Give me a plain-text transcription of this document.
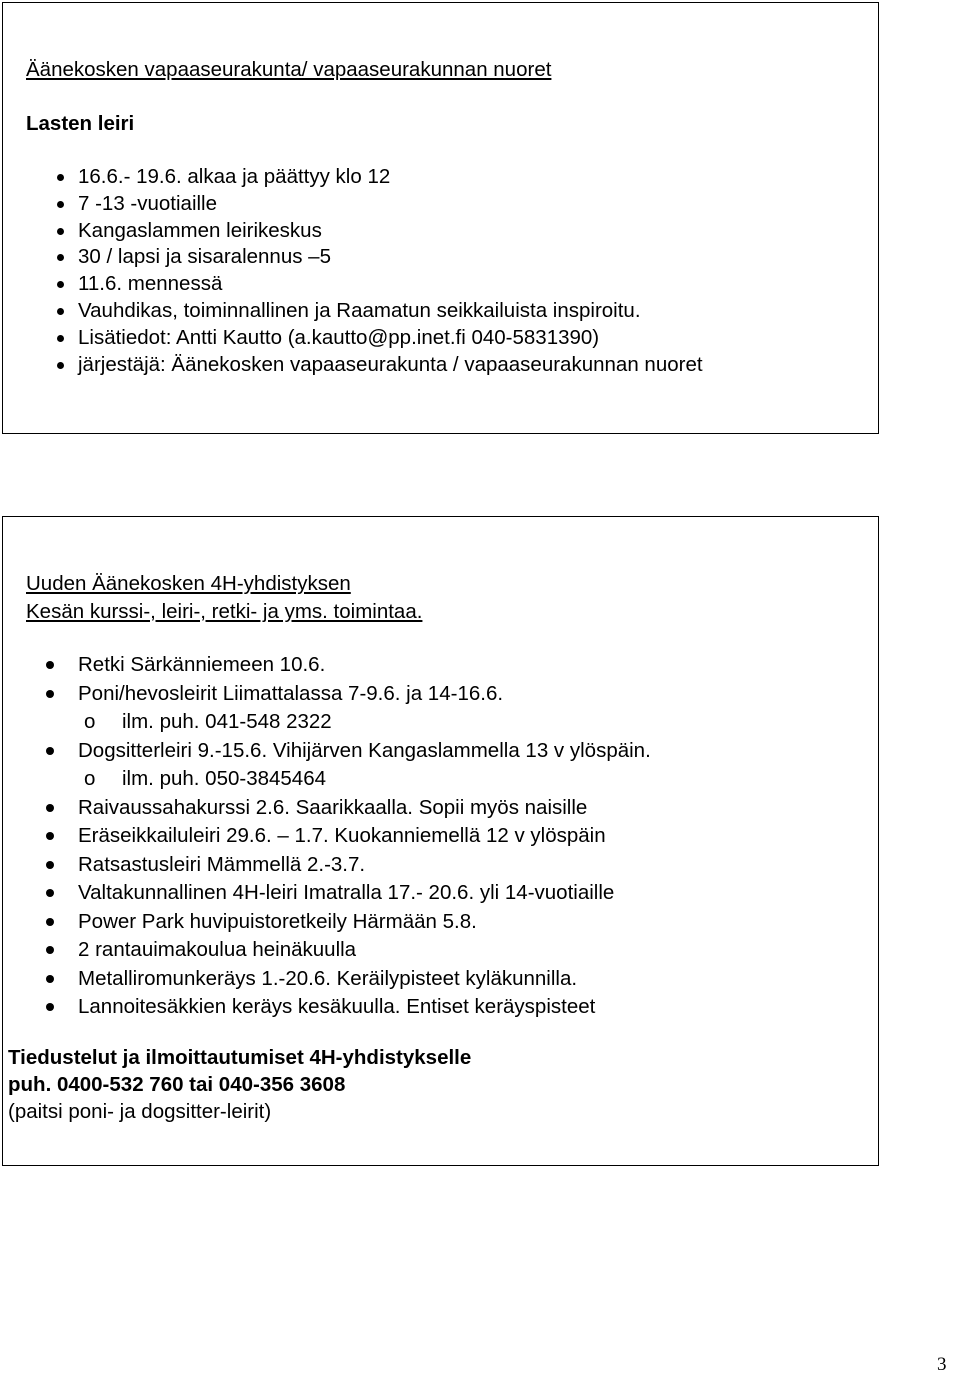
Äänekosken vapaaseurakunta/ vapaaseurakunnan nuoret
Lasten leiri
16.6.- 19.6. alkaa ja päättyy klo 12
7 -13 -vuotiaille
Kangaslammen leirikeskus
30 / lapsi ja sisaralennus –5
11.6. mennessä
Vauhdikas, toiminnallinen ja Raamatun seikkailuista inspiroitu.
Lisätiedot: Antti Kautto (a.kautto@pp.inet.fi 040-5831390)
järjestäjä: Äänekosken vapaaseurakunta / vapaaseurakunnan nuoret
Uuden Äänekosken 4H-yhdistyksen
Kesän kurssi-, leiri-, retki- ja yms. toimintaa.
Retki Särkänniemeen 10.6.
Poni/hevosleirit Liimattalassa 7-9.6. ja 14-16.6.
o ilm. puh. 041-548 2322
Dogsitterleiri 9.-15.6. Vihijärven Kangaslammella 13 v ylöspäin.
o ilm. puh. 050-3845464
Raivaussahakurssi 2.6. Saarikkaalla. Sopii myös naisille
Eräseikkailuleiri 29.6. – 1.7. Kuokanniemellä 12 v ylöspäin
Ratsastusleiri Mämmellä 2.-3.7.
Valtakunnallinen 4H-leiri Imatralla 17.- 20.6. yli 14-vuotiaille
Power Park huvipuistoretkeily Härmään 5.8.
2 rantauimakoulua heinäkuulla
Metalliromunkeräys 1.-20.6. Keräilypisteet kyläkunnilla.
Lannoitesäkkien keräys kesäkuulla. Entiset keräyspisteet
Tiedustelut ja ilmoittautumiset 4H-yhdistykselle
puh. 0400-532 760 tai 040-356 3608
(paitsi poni- ja dogsitter-leirit)
3
